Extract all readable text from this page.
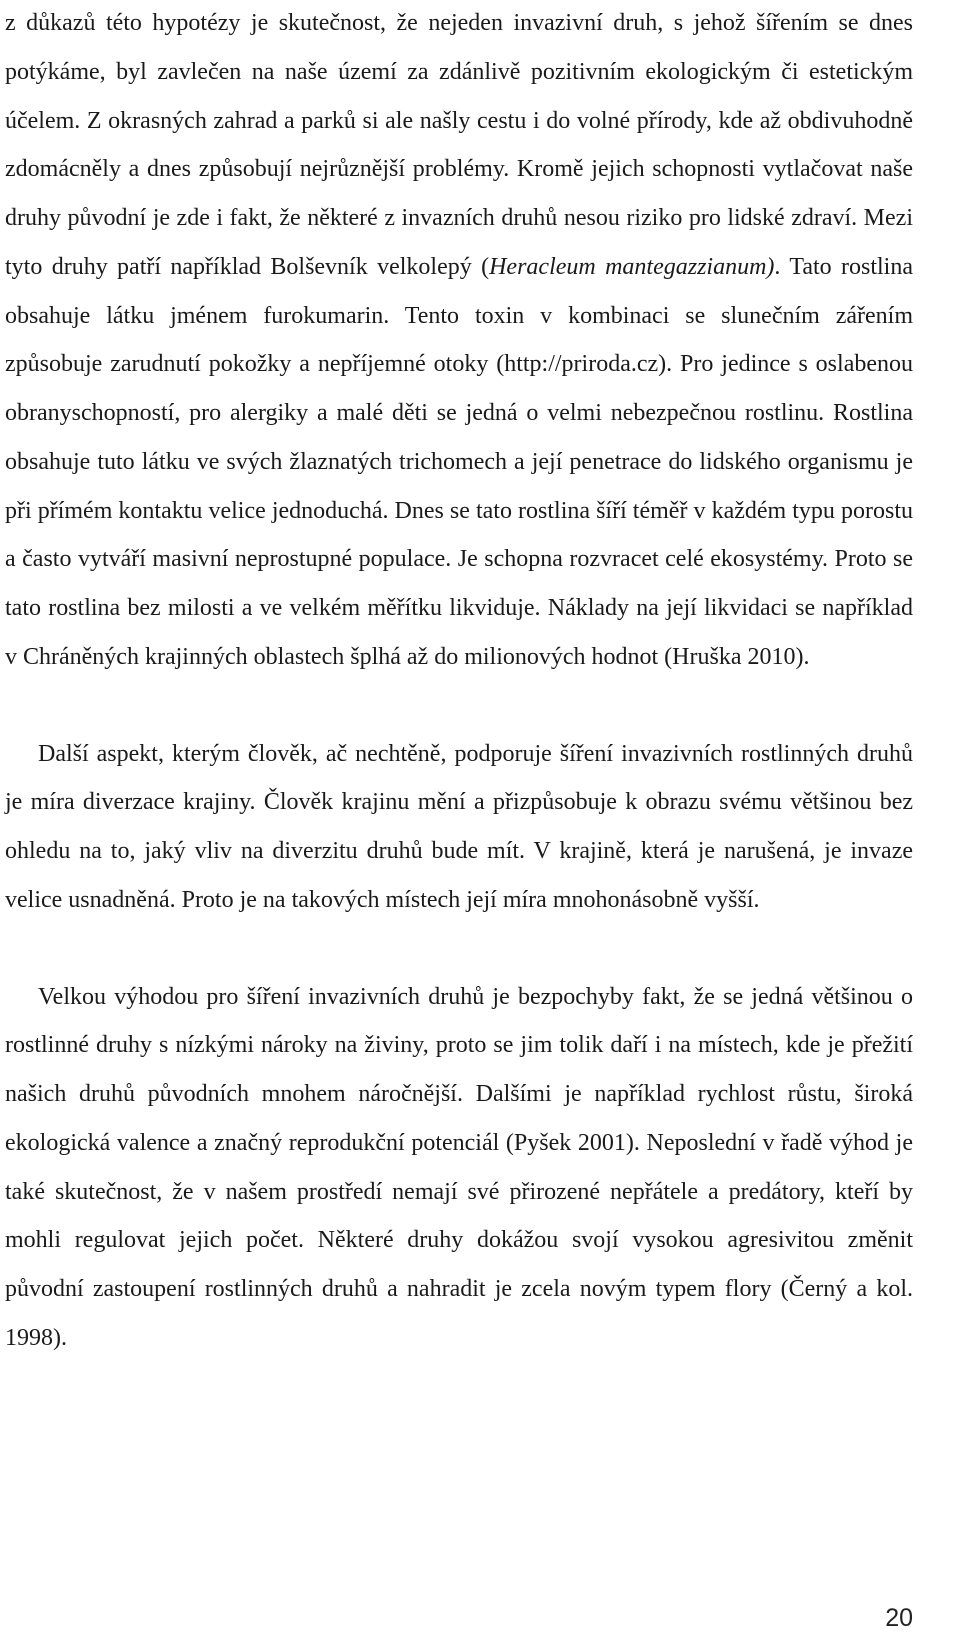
z důkazů této hypotézy je skutečnost, že nejeden invazivní druh, s jehož šířením se dnes potýkáme, byl zavlečen na naše území za zdánlivě pozitivním ekologickým či estetickým účelem. Z okrasných zahrad a parků si ale našly cestu i do volné přírody, kde až obdivuhodně zdomácněly a dnes způsobují nejrůznější problémy. Kromě jejich schopnosti vytlačovat naše druhy původní je zde i fakt, že některé z invazních druhů nesou riziko pro lidské zdraví. Mezi tyto druhy patří například Bolševník velkolepý (Heracleum mantegazzianum). Tato rostlina obsahuje látku jménem furokumarin. Tento toxin v kombinaci se slunečním zářením způsobuje zarudnutí pokožky a nepříjemné otoky (http://priroda.cz). Pro jedince s oslabenou obranyschopností, pro alergiky a malé děti se jedná o velmi nebezpečnou rostlinu. Rostlina obsahuje tuto látku ve svých žlaznatých trichomech a její penetrace do lidského organismu je při přímém kontaktu velice jednoduchá. Dnes se tato rostlina šíří téměř v každém typu porostu a často vytváří masivní neprostupné populace. Je schopna rozvracet celé ekosystémy. Proto se tato rostlina bez milosti a ve velkém měřítku likviduje. Náklady na její likvidaci se například v Chráněných krajinných oblastech šplhá až do milionových hodnot (Hruška 2010).

Další aspekt, kterým člověk, ač nechtěně, podporuje šíření invazivních rostlinných druhů je míra diverzace krajiny. Člověk krajinu mění a přizpůsobuje k obrazu svému většinou bez ohledu na to, jaký vliv na diverzitu druhů bude mít. V krajině, která je narušená, je invaze velice usnadněná. Proto je na takových místech její míra mnohonásobně vyšší.

Velkou výhodou pro šíření invazivních druhů je bezpochyby fakt, že se jedná většinou o rostlinné druhy s nízkými nároky na živiny, proto se jim tolik daří i na místech, kde je přežití našich druhů původních mnohem náročnější. Dalšími je například rychlost růstu, široká ekologická valence a značný reprodukční potenciál (Pyšek 2001). Neposlední v řadě výhod je také skutečnost, že v našem prostředí nemají své přirozené nepřátele a predátory, kteří by mohli regulovat jejich počet. Některé druhy dokážou svojí vysokou agresivitou změnit původní zastoupení rostlinných druhů a nahradit je zcela novým typem flory (Černý a kol. 1998).

20
